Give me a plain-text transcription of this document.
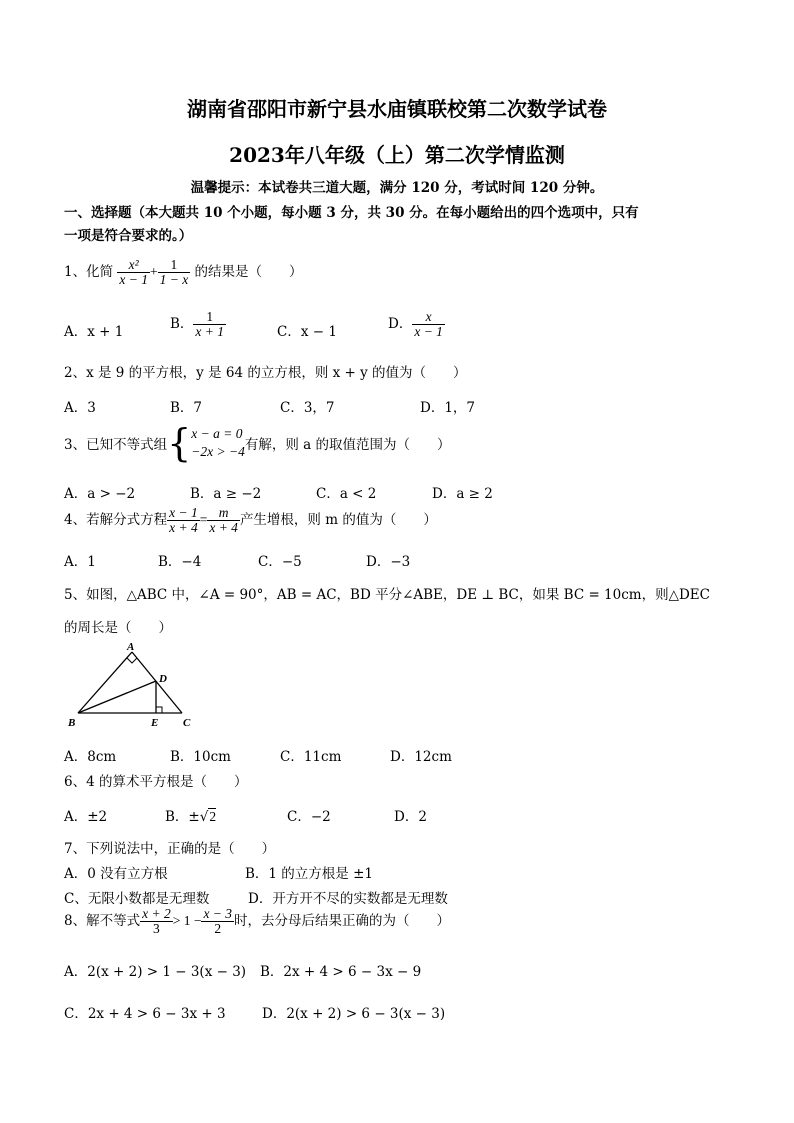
湖南省邵阳市新宁县水庙镇联校第二次数学试卷
2023年八年级（上）第二次学情监测
温馨提示：本试卷共三道大题，满分 120 分，考试时间 120 分钟。
一、选择题（本大题共 10 个小题，每小题 3 分，共 30 分。在每小题给出的四个选项中，只有
一项是符合要求的。）
1、化简 $\frac{\text{x²}}{x - 1} + \frac{1}{1 - x}$ 的结果是（　　）
A．x + 1	B． $\frac{1}{x + 1}$	C．x − 1	D． $\frac{x}{x - 1}$
2、x 是 9 的平方根，y 是 64 的立方根，则 x + y 的值为（　　）
A．3	B．7	C．3，7	D．1，7
3、已知不等式组{ x − a = 0
−2x > −4 有解，则 a 的取值范围为（　　）
A．a > −2	B．a ≥ −2	C．a < 2	D．a ≥ 2
4、若解分式方程 $\frac{x - 1}{x + 4} = \frac{m}{x + 4}$ 产生增根，则 m 的值为（　　）
A．1	B．−4	C．−5	D．−3
5、如图，△ABC 中，∠A = 90°，AB = AC，BD 平分∠ABE，DE ⊥ BC，如果 BC = 10cm，则△DEC
的周长是（　　）
A
B	C
D
E
A．8cm	B．10cm	C．11cm	D．12cm
6、4 的算术平方根是（　　）
A．±2	B．±√2	C．−2	D．2
7、下列说法中，正确的是（　　）
A．0 没有立方根	B．1 的立方根是 ±1
C、无限小数都是无理数	D．开方开不尽的实数都是无理数
8、解不等式 $\frac{x + 2}{3} > 1 - \frac{x - 3}{2}$ 时，去分母后结果正确的为（　　）
A．2(x + 2) > 1 − 3(x − 3) B．2x + 4 > 6 − 3x − 9
C．2x + 4 > 6 − 3x + 3	D．2(x + 2) > 6 − 3(x − 3)
